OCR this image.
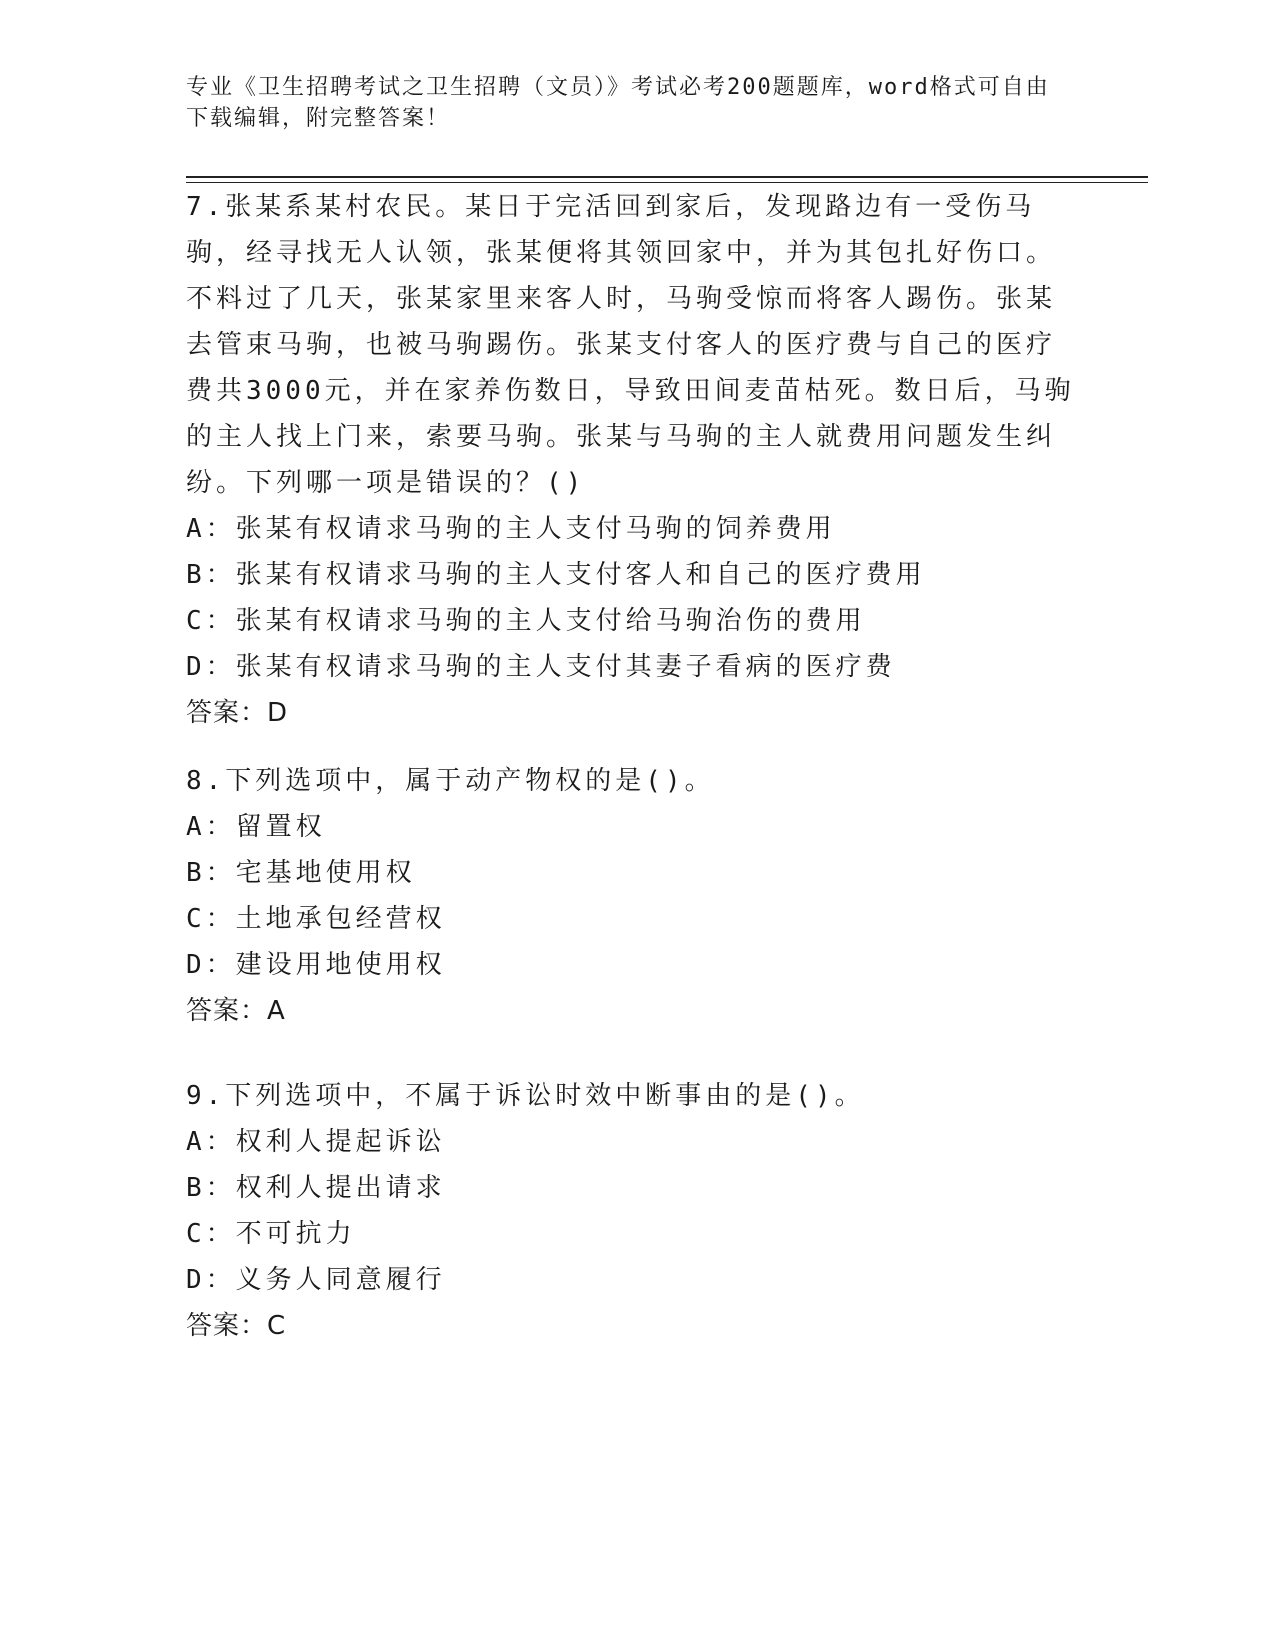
专业《卫生招聘考试之卫生招聘（文员）》考试必考200题题库，word格式可自由下载编辑，附完整答案！

7.张某系某村农民。某日于完活回到家后，发现路边有一受伤马驹，经寻找无人认领，张某便将其领回家中，并为其包扎好伤口。不料过了几天，张某家里来客人时，马驹受惊而将客人踢伤。张某去管束马驹，也被马驹踢伤。张某支付客人的医疗费与自己的医疗费共3000元，并在家养伤数日，导致田间麦苗枯死。数日后，马驹的主人找上门来，索要马驹。张某与马驹的主人就费用问题发生纠纷。下列哪一项是错误的？()

A：张某有权请求马驹的主人支付马驹的饲养费用

B：张某有权请求马驹的主人支付客人和自己的医疗费用

C：张某有权请求马驹的主人支付给马驹治伤的费用

D：张某有权请求马驹的主人支付其妻子看病的医疗费

答案：D

8.下列选项中，属于动产物权的是()。

A：留置权

B：宅基地使用权

C：土地承包经营权

D：建设用地使用权

答案：A

9.下列选项中，不属于诉讼时效中断事由的是()。

A：权利人提起诉讼

B：权利人提出请求

C：不可抗力

D：义务人同意履行

答案：C
